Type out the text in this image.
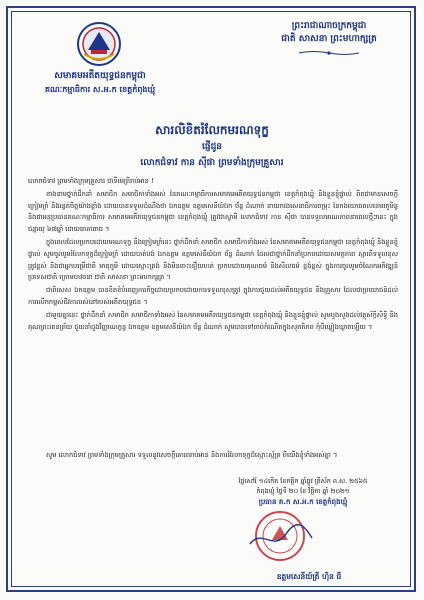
សមាគមអតីតយុទ្ធជនកម្ពុជា
គណៈកម្មាធិការ ស.អ.ក ខេត្តកំពុងឃ្មុំ
ព្រះរាជាណាចក្រកម្ពុជា
ជាតិ សាសនា ព្រះមហាក្សត្រ
សារលិខិតរំលែកមរណទុក្ខ
ផ្ញើជូន
លោកជំទាវ កាន ស៊ីផា ព្រមទាំងក្រុមគ្រួសារ

លោកជំទាវ ព្រមទាំងក្រុមគ្រួសារ ជាទីមេត្រីរាប់អាន !

ខាងនាមថ្នាក់ដឹកនាំ សមាជិក សមាជិកាទាំងអស់ នៃគណៈកម្មាធិការសមាគមអតីតយុទ្ធជនកម្ពុជា ខេត្តកំពុងឃ្មុំ និងខ្លួនខ្ញុំផ្ទាល់ ពិតជាមានសេចក្តីក្រៀមក្រំ និងរន្ធត់ចិត្តយ៉ាងខ្លាំង ដោយបានទទួលដំណឹងថា ឯកឧត្តម ឧត្តមសេនីយ៍ឯក ថ័ន្ល ដំណាក់ នាយករងសេនាធិការចម្រុះ នៃកងយោធពលខេមរភូមិន្ទ និងជាអនុប្រធានគណៈកម្មាធិការ សមាគមអតីតយុទ្ធជនកម្ពុជា ខេត្តកំពុងឃ្មុំ ត្រូវជាស្វាមី លោកជំទាវ កាន ស៊ីផា បានទទួលមរណភាពនាពេលថ្មីៗនេះ ក្នុងជន្មាយុ ៦៧ឆ្នាំ ដោយរោគាពាធ ។

ក្នុងពេលដែលប្រកបដោយមរណទុក្ខ និងក្រៀមក្រំនេះ ថ្នាក់ដឹកនាំ សមាជិក សមាជិកាទាំងអស់ នៃសមាគមអតីតយុទ្ធជនកម្ពុជា ខេត្តកំពុងឃ្មុំ និងខ្លួនខ្ញុំផ្ទាល់ សូមចូលរួមរំលែកទុក្ខដ៏ក្រៀមក្រំ ដោយបាត់បង់ ឯកឧត្តម ឧត្តមសេនីយ៍ឯក ថ័ន្ល ដំណាក់ ដែលជាថ្នាក់ដឹកនាំប្រកបដោយសមត្ថភាព ស្មារតីទទួលខុសត្រូវខ្ពស់ និងជាអ្នកបម្រើជាតិ មាតុភូមិ ដោយស្មោះត្រង់ និងមិនចេះនឿយហត់ ប្រកបដោយគុណធម៌ និងសីលធម៌ ខ្ពង់ខ្ពស់ ក្នុងការចូលរួមចំណែកអភិវឌ្ឍន៍ប្រទេសជាតិ ក្រោមបាវចនា ជាតិ សាសនា ព្រះមហាក្សត្រ ។

ជាពិសេស ឯកឧត្តម បានខិតខំបំពេញភារកិច្ចដោយប្រកបដោយការទទួលខុសត្រូវ ក្នុងការជួយដល់អតីតយុទ្ធជន និងគ្រួសារ ដែលជាប្រយោជន៍ដល់ការលើកកម្ពស់ជីវភាពរស់នៅរបស់អតីតយុទ្ធជន ។

ជាមួយគ្នានេះ ថ្នាក់ដឹកនាំ សមាជិក សមាជិកាទាំងអស់ នៃសមាគមអតីតយុទ្ធជនកម្ពុជា ខេត្តកំពុងឃ្មុំ និងខ្លួនខ្ញុំផ្ទាល់ សូមបួងសួងដល់វត្ថុស័ក្តិសិទ្ធិ និងគុណព្រះរតនត្រ័យ ជួយនាំដួងវិញ្ញាណក្ខន្ធ ឯកឧត្តម ឧត្តមសេនីយ៍ឯក ថ័ន្ល ដំណាក់ សូមបានទៅចាប់កំណើតក្នុងសុគតិភព កុំបីឃ្លៀងឃ្លាតឡើយ ។

សូម លោកជំទាវ ព្រមទាំងក្រុមគ្រួសារ ទទួលនូវសេចក្តីគោរពរាប់អាន និងការរំលែកទុក្ខដ៏ស្មោះស្ម័គ្រ ពីយើងខ្ញុំទាំងអស់គ្នា ។
ថ្ងៃសៅរ៍ ១៤កើត ខែកត្តិក ឆ្នាំឆ្លូវ ត្រីស័ក ព.ស. ២៥៦៥
កំពុងឃ្មុំ ថ្ងៃទី ២០ ខែ វិច្ឆិកា ឆ្នាំ ២០២១
ប្រធាន គ.ក ស.អ.ក ខេត្តកំពុងឃ្មុំ
ឧត្តមសេនីយ៍ត្រី ហ៊ិន ធី
